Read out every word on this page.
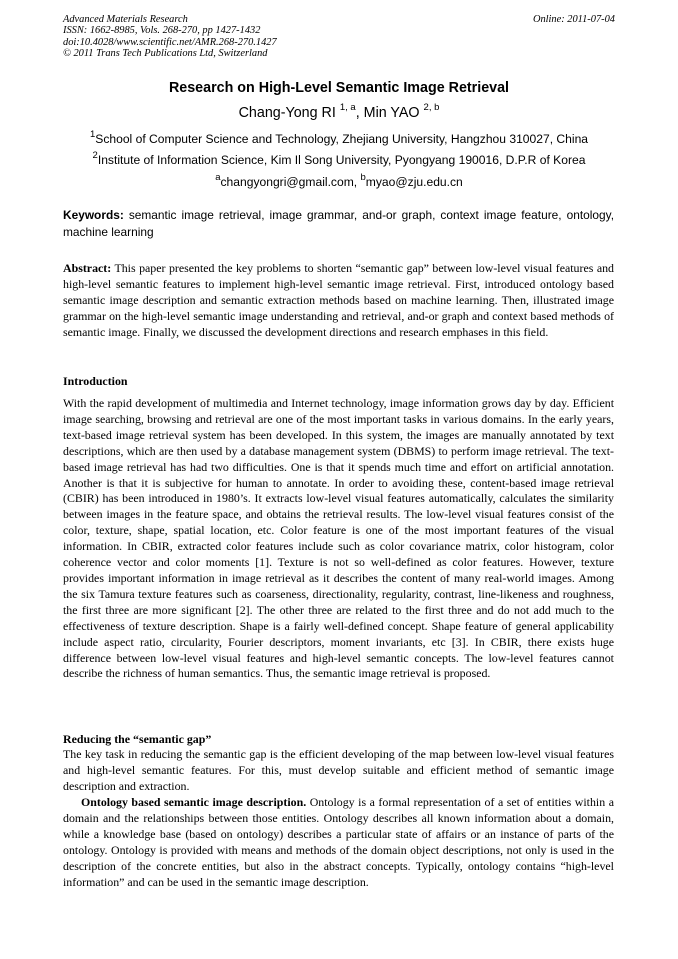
Advanced Materials Research
ISSN: 1662-8985, Vols. 268-270, pp 1427-1432
doi:10.4028/www.scientific.net/AMR.268-270.1427
© 2011 Trans Tech Publications Ltd, Switzerland
Online: 2011-07-04
Research on High-Level Semantic Image Retrieval
Chang-Yong RI $^{1, a}$, Min YAO $^{2, b}$
$^1$School of Computer Science and Technology, Zhejiang University, Hangzhou 310027, China
$^2$Institute of Information Science, Kim Il Song University, Pyongyang 190016, D.P.R of Korea
$^a$changyongri@gmail.com, $^b$myao@zju.edu.cn
Keywords: semantic image retrieval, image grammar, and-or graph, context image feature, ontology, machine learning
Abstract: This paper presented the key problems to shorten “semantic gap” between low-level visual features and high-level semantic features to implement high-level semantic image retrieval. First, introduced ontology based semantic image description and semantic extraction methods based on machine learning. Then, illustrated image grammar on the high-level semantic image understanding and retrieval, and-or graph and context based methods of semantic image. Finally, we discussed the development directions and research emphases in this field.
Introduction
With the rapid development of multimedia and Internet technology, image information grows day by day. Efficient image searching, browsing and retrieval are one of the most important tasks in various domains. In the early years, text-based image retrieval system has been developed. In this system, the images are manually annotated by text descriptions, which are then used by a database management system (DBMS) to perform image retrieval. The text-based image retrieval has had two difficulties. One is that it spends much time and effort on artificial annotation. Another is that it is subjective for human to annotate. In order to avoiding these, content-based image retrieval (CBIR) has been introduced in 1980’s. It extracts low-level visual features automatically, calculates the similarity between images in the feature space, and obtains the retrieval results. The low-level visual features consist of the color, texture, shape, spatial location, etc. Color feature is one of the most important features of the visual information. In CBIR, extracted color features include such as color covariance matrix, color histogram, color coherence vector and color moments [1]. Texture is not so well-defined as color features. However, texture provides important information in image retrieval as it describes the content of many real-world images. Among the six Tamura texture features such as coarseness, directionality, regularity, contrast, line-likeness and roughness, the first three are more significant [2]. The other three are related to the first three and do not add much to the effectiveness of texture description. Shape is a fairly well-defined concept. Shape feature of general applicability include aspect ratio, circularity, Fourier descriptors, moment invariants, etc [3]. In CBIR, there exists huge difference between low-level visual features and high-level semantic concepts. The low-level features cannot describe the richness of human semantics. Thus, the semantic image retrieval is proposed.
Reducing the “semantic gap”
The key task in reducing the semantic gap is the efficient developing of the map between low-level visual features and high-level semantic features. For this, must develop suitable and efficient method of semantic image description and extraction.
Ontology based semantic image description. Ontology is a formal representation of a set of entities within a domain and the relationships between those entities. Ontology describes all known information about a domain, while a knowledge base (based on ontology) describes a particular state of affairs or an instance of parts of the ontology. Ontology is provided with means and methods of the domain object descriptions, not only is used in the description of the concrete entities, but also in the abstract concepts. Typically, ontology contains “high-level information” and can be used in the semantic image description.
